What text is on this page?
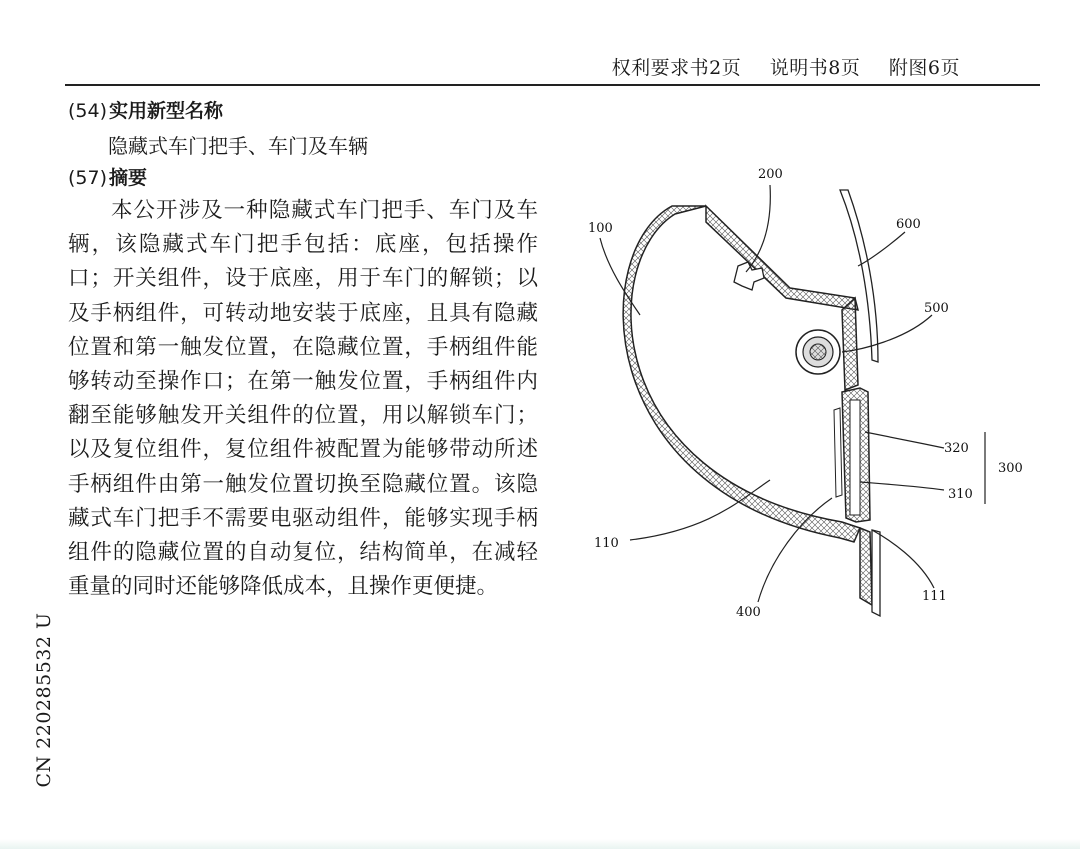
权利要求书2页 说明书8页 附图6页
(54) 实用新型名称
隐藏式车门把手、车门及车辆
(57) 摘要

本公开涉及一种隐藏式车门把手、车门及车辆，该隐藏式车门把手包括：底座，包括操作口；开关组件，设于底座，用于车门的解锁；以及手柄组件，可转动地安装于底座，且具有隐藏位置和第一触发位置，在隐藏位置，手柄组件能够转动至操作口；在第一触发位置，手柄组件内翻至能够触发开关组件的位置，用以解锁车门；以及复位组件，复位组件被配置为能够带动所述手柄组件由第一触发位置切换至隐藏位置。该隐藏式车门把手不需要电驱动组件，能够实现手柄组件的隐藏位置的自动复位，结构简单，在减轻重量的同时还能够降低成本，且操作更便捷。

CN 220285532 U
200
100	600
500
320
310
300
110
111
400
